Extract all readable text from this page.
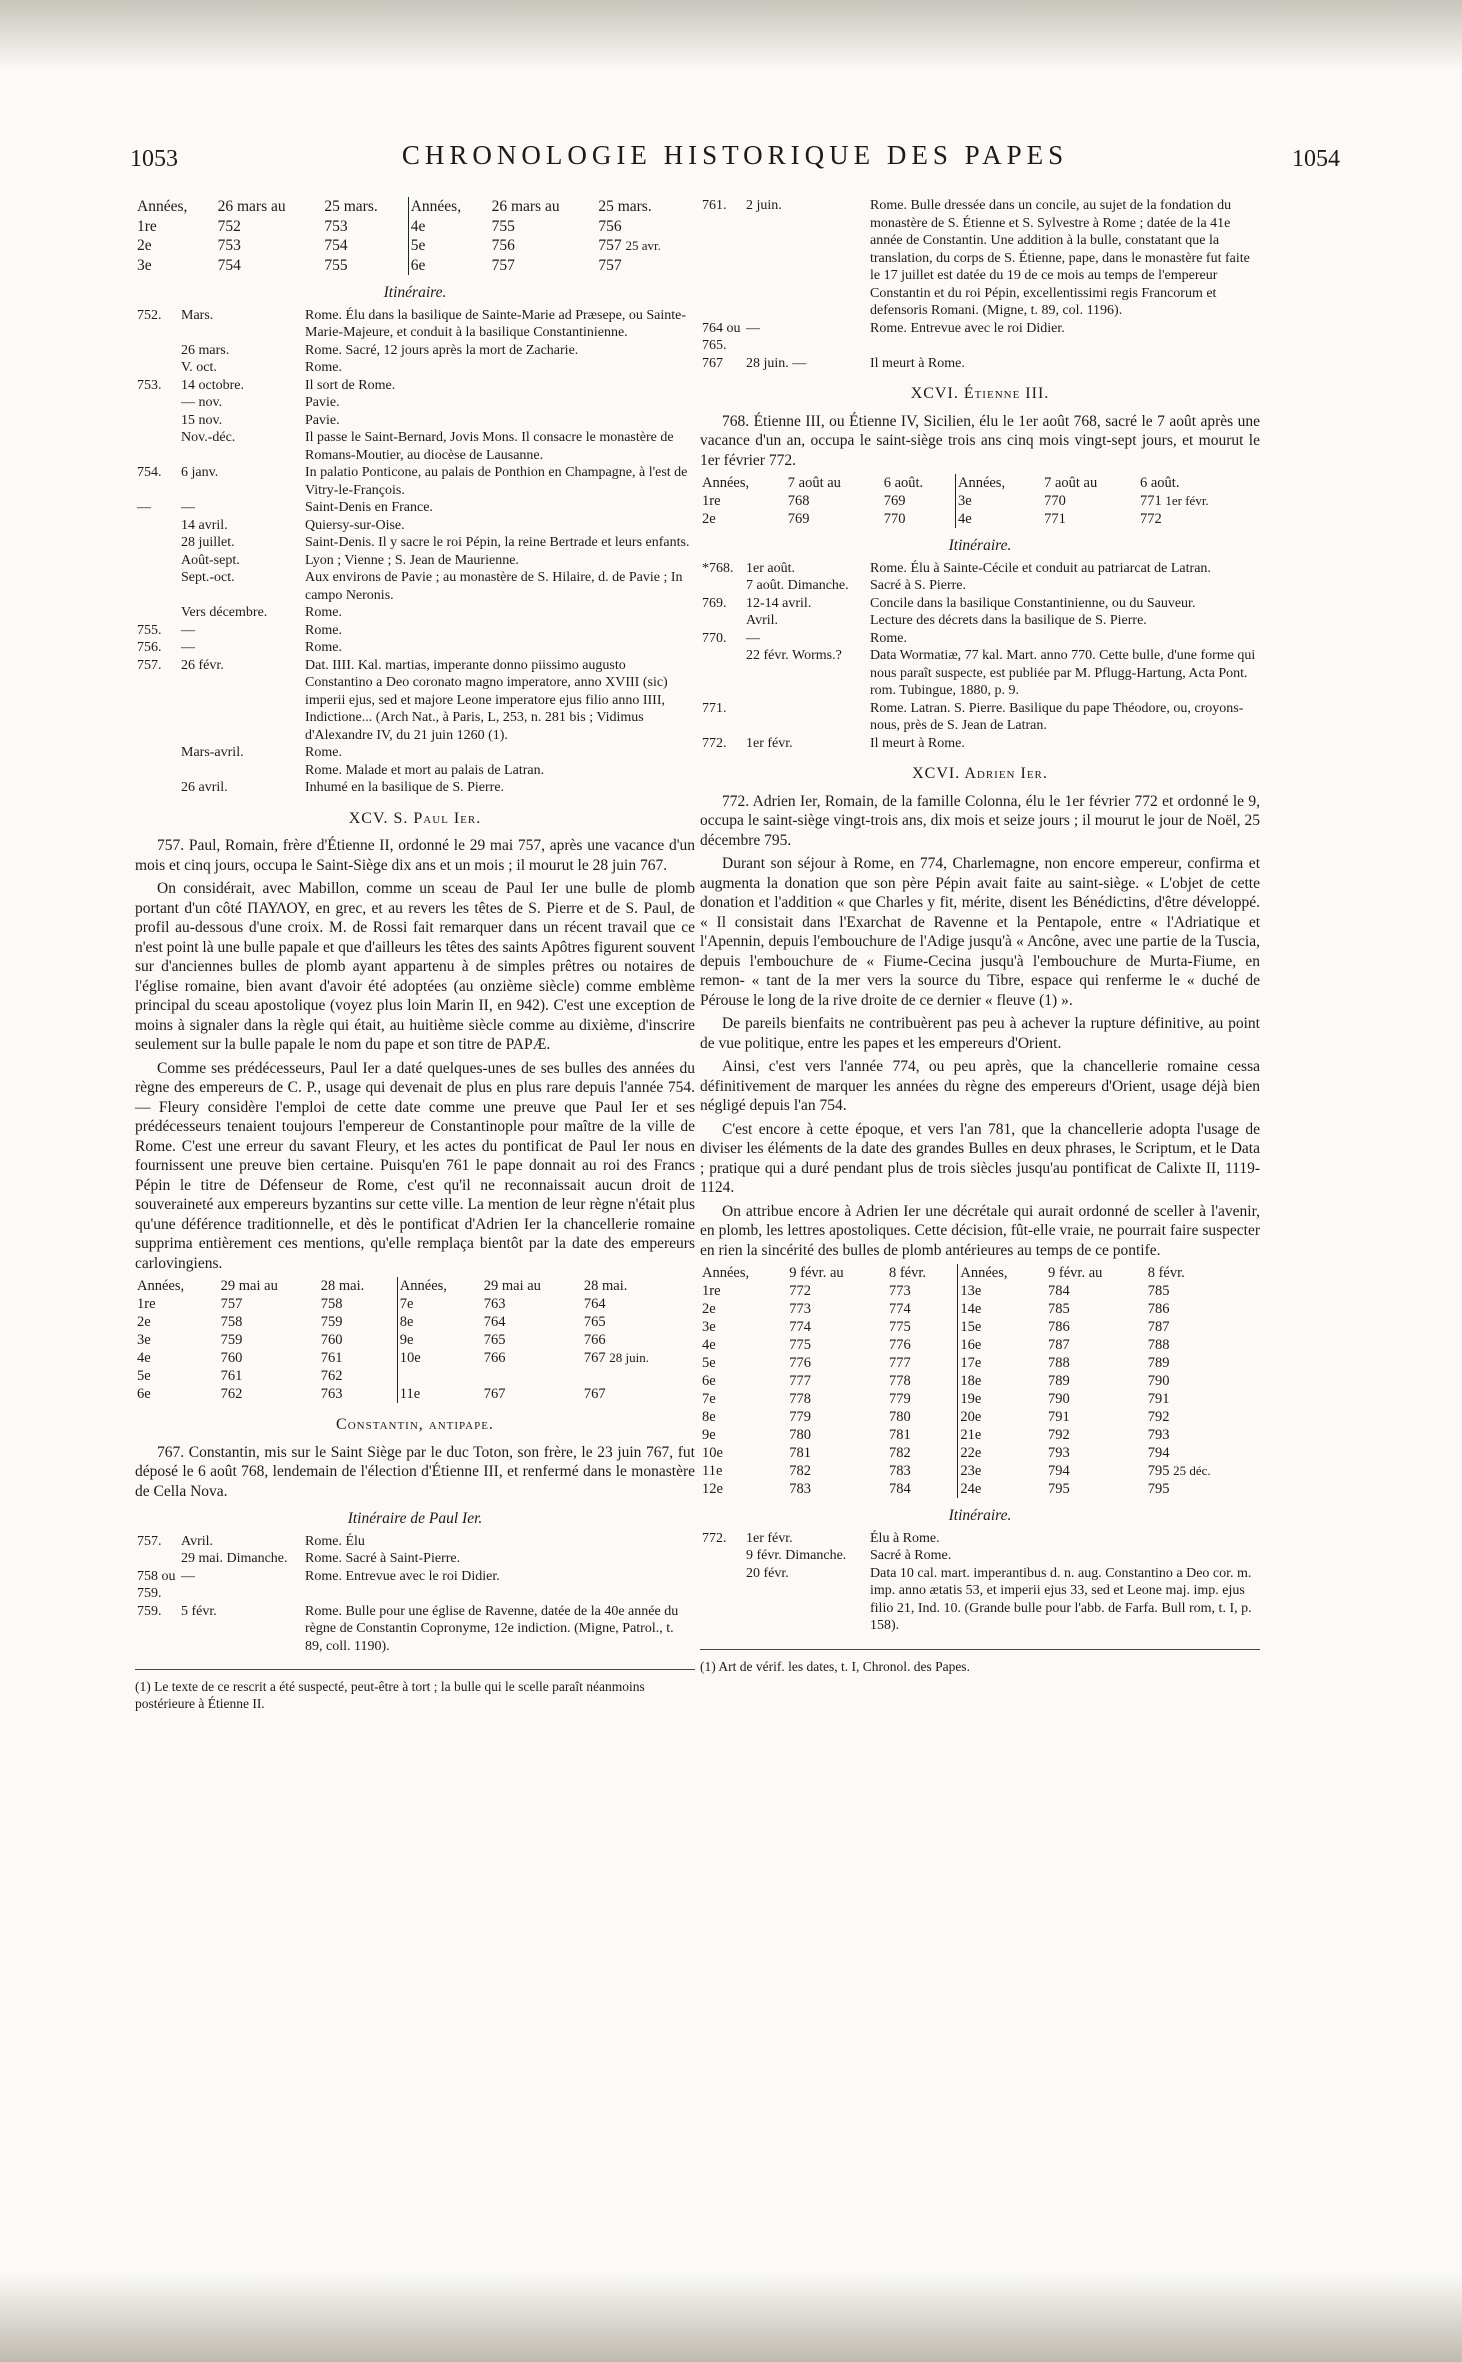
1053	CHRONOLOGIE HISTORIQUE DES PAPES	1054
Années,	26 mars au	25 mars.	Années,	26 mars au	25 mars.
1re	752	753	4e	755	756
2e	753	754	5e	756	757 25 avr.
3e	754	755	6e	757	757
Itinéraire.
752.	Mars.	Rome. Élu dans la basilique de Sainte-Marie ad Præsepe, ou Sainte-Marie-Majeure, et conduit à la basilique Constantinienne.
	26 mars.	Rome. Sacré, 12 jours après la mort de Zacharie.
	V. oct.	Rome.
753.	14 octobre.	Il sort de Rome.
	— nov.	Pavie.
	15 nov.	Pavie.
	Nov.-déc.	Il passe le Saint-Bernard, Jovis Mons. Il consacre le monastère de Romans-Moutier, au diocèse de Lausanne.
754.	6 janv.	In palatio Ponticone, au palais de Ponthion en Champagne, à l'est de Vitry-le-François.
—	—	Saint-Denis en France.
	14 avril.	Quiersy-sur-Oise.
	28 juillet.	Saint-Denis. Il y sacre le roi Pépin, la reine Bertrade et leurs enfants.
	Août-sept.	Lyon ; Vienne ; S. Jean de Maurienne.
	Sept.-oct.	Aux environs de Pavie ; au monastère de S. Hilaire, d. de Pavie ; In campo Neronis.
	Vers décembre.	Rome.
755.	—	Rome.
756.	—	Rome.
757.	26 févr.	Dat. IIII. Kal. martias, imperante donno piissimo augusto Constantino a Deo coronato magno imperatore, anno XVIII (sic) imperii ejus, sed et majore Leone imperatore ejus filio anno IIII, Indictione... (Arch Nat., à Paris, L, 253, n. 281 bis ; Vidimus d'Alexandre IV, du 21 juin 1260 (1).
	Mars-avril.	Rome.
		Rome. Malade et mort au palais de Latran.
	26 avril.	Inhumé en la basilique de S. Pierre.
XCV. S. Paul Ier.

757. Paul, Romain, frère d'Étienne II, ordonné le 29 mai 757, après une vacance d'un mois et cinq jours, occupa le Saint-Siège dix ans et un mois ; il mourut le 28 juin 767.

On considérait, avec Mabillon, comme un sceau de Paul Ier une bulle de plomb portant d'un côté ΠΑΥΛΟΥ, en grec, et au revers les têtes de S. Pierre et de S. Paul, de profil au-dessous d'une croix. M. de Rossi fait remarquer dans un récent travail que ce n'est point là une bulle papale et que d'ailleurs les têtes des saints Apôtres figurent souvent sur d'anciennes bulles de plomb ayant appartenu à de simples prêtres ou notaires de l'église romaine, bien avant d'avoir été adoptées (au onzième siècle) comme emblème principal du sceau apostolique (voyez plus loin Marin II, en 942). C'est une exception de moins à signaler dans la règle qui était, au huitième siècle comme au dixième, d'inscrire seulement sur la bulle papale le nom du pape et son titre de PAPÆ.

Comme ses prédécesseurs, Paul Ier a daté quelques-unes de ses bulles des années du règne des empereurs de C. P., usage qui devenait de plus en plus rare depuis l'année 754. — Fleury considère l'emploi de cette date comme une preuve que Paul Ier et ses prédécesseurs tenaient toujours l'empereur de Constantinople pour maître de la ville de Rome. C'est une erreur du savant Fleury, et les actes du pontificat de Paul Ier nous en fournissent une preuve bien certaine. Puisqu'en 761 le pape donnait au roi des Francs Pépin le titre de Défenseur de Rome, c'est qu'il ne reconnaissait aucun droit de souveraineté aux empereurs byzantins sur cette ville. La mention de leur règne n'était plus qu'une déférence traditionnelle, et dès le pontificat d'Adrien Ier la chancellerie romaine supprima entièrement ces mentions, qu'elle remplaça bientôt par la date des empereurs carlovingiens.

Années,	29 mai au	28 mai.	Années,	29 mai au	28 mai.
1re	757	758	7e	763	764
2e	758	759	8e	764	765
3e	759	760	9e	765	766
4e	760	761	10e	766	767 28 juin.
5e	761	762			
6e	762	763	11e	767	767
Constantin, antipape.

767. Constantin, mis sur le Saint Siège par le duc Toton, son frère, le 23 juin 767, fut déposé le 6 août 768, lendemain de l'élection d'Étienne III, et renfermé dans le monastère de Cella Nova.

Itinéraire de Paul Ier.
757.	Avril.	Rome. Élu
	29 mai. Dimanche.	Rome. Sacré à Saint-Pierre.
758 ou 759.	—	Rome. Entrevue avec le roi Didier.
759.	5 févr.	Rome. Bulle pour une église de Ravenne, datée de la 40e année du règne de Constantin Copronyme, 12e indiction. (Migne, Patrol., t. 89, coll. 1190).
(1) Le texte de ce rescrit a été suspecté, peut-être à tort ; la bulle qui le scelle paraît néanmoins postérieure à Étienne II.
761.	2 juin.	Rome. Bulle dressée dans un concile, au sujet de la fondation du monastère de S. Étienne et S. Sylvestre à Rome ; datée de la 41e année de Constantin. Une addition à la bulle, constatant que la translation, du corps de S. Étienne, pape, dans le monastère fut faite le 17 juillet est datée du 19 de ce mois au temps de l'empereur Constantin et du roi Pépin, excellentissimi regis Francorum et defensoris Romani. (Migne, t. 89, col. 1196).
764 ou 765.	—	Rome. Entrevue avec le roi Didier.
767	28 juin. —	Il meurt à Rome.
XCVI. Étienne III.

768. Étienne III, ou Étienne IV, Sicilien, élu le 1er août 768, sacré le 7 août après une vacance d'un an, occupa le saint-siège trois ans cinq mois vingt-sept jours, et mourut le 1er février 772.

Années,	7 août au	6 août.	Années,	7 août au	6 août.
1re	768	769	3e	770	771 1er févr.
2e	769	770	4e	771	772
Itinéraire.
*768.	1er août.	Rome. Élu à Sainte-Cécile et conduit au patriarcat de Latran.
	7 août. Dimanche.	Sacré à S. Pierre.
769.	12-14 avril.	Concile dans la basilique Constantinienne, ou du Sauveur.
	Avril.	Lecture des décrets dans la basilique de S. Pierre.
770.	—	Rome.
	22 févr. Worms.?	Data Wormatiæ, 77 kal. Mart. anno 770. Cette bulle, d'une forme qui nous paraît suspecte, est publiée par M. Pflugg-Hartung, Acta Pont. rom. Tubingue, 1880, p. 9.
771.		Rome. Latran. S. Pierre. Basilique du pape Théodore, ou, croyons-nous, près de S. Jean de Latran.
772.	1er févr.	Il meurt à Rome.
XCVI. Adrien Ier.

772. Adrien Ier, Romain, de la famille Colonna, élu le 1er février 772 et ordonné le 9, occupa le saint-siège vingt-trois ans, dix mois et seize jours ; il mourut le jour de Noël, 25 décembre 795.

Durant son séjour à Rome, en 774, Charlemagne, non encore empereur, confirma et augmenta la donation que son père Pépin avait faite au saint-siège. « L'objet de cette donation et l'addition « que Charles y fit, mérite, disent les Bénédictins, d'être développé. « Il consistait dans l'Exarchat de Ravenne et la Pentapole, entre « l'Adriatique et l'Apennin, depuis l'embouchure de l'Adige jusqu'à « Ancône, avec une partie de la Tuscia, depuis l'embouchure de « Fiume-Cecina jusqu'à l'embouchure de Murta-Fiume, en remon- « tant de la mer vers la source du Tibre, espace qui renferme le « duché de Pérouse le long de la rive droite de ce dernier « fleuve (1) ».

De pareils bienfaits ne contribuèrent pas peu à achever la rupture définitive, au point de vue politique, entre les papes et les empereurs d'Orient.

Ainsi, c'est vers l'année 774, ou peu après, que la chancellerie romaine cessa définitivement de marquer les années du règne des empereurs d'Orient, usage déjà bien négligé depuis l'an 754.

C'est encore à cette époque, et vers l'an 781, que la chancellerie adopta l'usage de diviser les éléments de la date des grandes Bulles en deux phrases, le Scriptum, et le Data ; pratique qui a duré pendant plus de trois siècles jusqu'au pontificat de Calixte II, 1119-1124.

On attribue encore à Adrien Ier une décrétale qui aurait ordonné de sceller à l'avenir, en plomb, les lettres apostoliques. Cette décision, fût-elle vraie, ne pourrait faire suspecter en rien la sincérité des bulles de plomb antérieures au temps de ce pontife.

Années,	9 févr. au	8 févr.	Années,	9 févr. au	8 févr.
1re	772	773	13e	784	785
2e	773	774	14e	785	786
3e	774	775	15e	786	787
4e	775	776	16e	787	788
5e	776	777	17e	788	789
6e	777	778	18e	789	790
7e	778	779	19e	790	791
8e	779	780	20e	791	792
9e	780	781	21e	792	793
10e	781	782	22e	793	794
11e	782	783	23e	794	795 25 déc.
12e	783	784	24e	795	795
Itinéraire.
772.	1er févr.	Élu à Rome.
	9 févr. Dimanche.	Sacré à Rome.
	20 févr.	Data 10 cal. mart. imperantibus d. n. aug. Constantino a Deo cor. m. imp. anno ætatis 53, et imperii ejus 33, sed et Leone maj. imp. ejus filio 21, Ind. 10. (Grande bulle pour l'abb. de Farfa. Bull rom, t. I, p. 158).
(1) Art de vérif. les dates, t. I, Chronol. des Papes.
